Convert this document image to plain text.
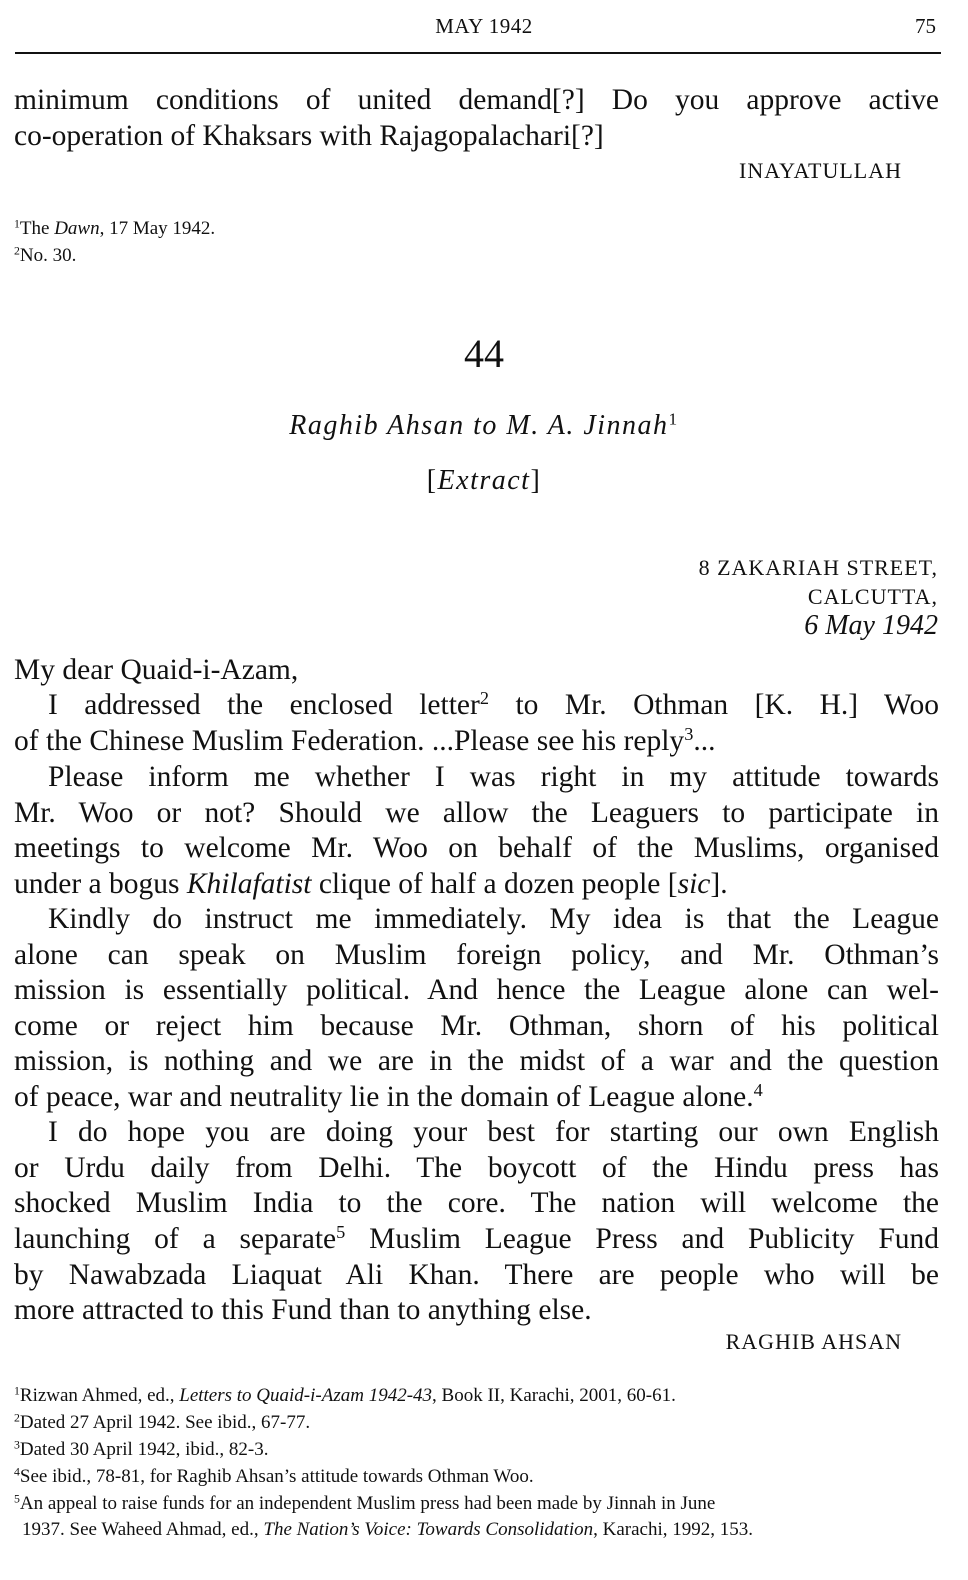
MAY 1942	75
minimum conditions of united demand[?] Do you approve active
co-operation of Khaksars with Rajagopalachari[?]
INAYATULLAH
$^1$The Dawn, 17 May 1942.
$^2$No. 30.
44
Raghib Ahsan to M. A. Jinnah$^1$
[Extract]
8 ZAKARIAH STREET,
CALCUTTA,
6 May 1942
My dear Quaid-i-Azam,
I addressed the enclosed letter$^2$ to Mr. Othman [K. H.] Woo
of the Chinese Muslim Federation. ...Please see his reply$^3$...
Please inform me whether I was right in my attitude towards
Mr. Woo or not? Should we allow the Leaguers to participate in
meetings to welcome Mr. Woo on behalf of the Muslims, organised
under a bogus Khilafatist clique of half a dozen people [sic].
Kindly do instruct me immediately. My idea is that the League
alone can speak on Muslim foreign policy, and Mr. Othman’s
mission is essentially political. And hence the League alone can wel-
come or reject him because Mr. Othman, shorn of his political
mission, is nothing and we are in the midst of a war and the question
of peace, war and neutrality lie in the domain of League alone.$^4$
I do hope you are doing your best for starting our own English
or Urdu daily from Delhi. The boycott of the Hindu press has
shocked Muslim India to the core. The nation will welcome the
launching of a separate$^5$ Muslim League Press and Publicity Fund
by Nawabzada Liaquat Ali Khan. There are people who will be
more attracted to this Fund than to anything else.
RAGHIB AHSAN
$^1$Rizwan Ahmed, ed., Letters to Quaid-i-Azam 1942-43, Book II, Karachi, 2001, 60-61.
$^2$Dated 27 April 1942. See ibid., 67-77.
$^3$Dated 30 April 1942, ibid., 82-3.
$^4$See ibid., 78-81, for Raghib Ahsan’s attitude towards Othman Woo.
$^5$An appeal to raise funds for an independent Muslim press had been made by Jinnah in June
1937. See Waheed Ahmad, ed., The Nation’s Voice: Towards Consolidation, Karachi, 1992, 153.
